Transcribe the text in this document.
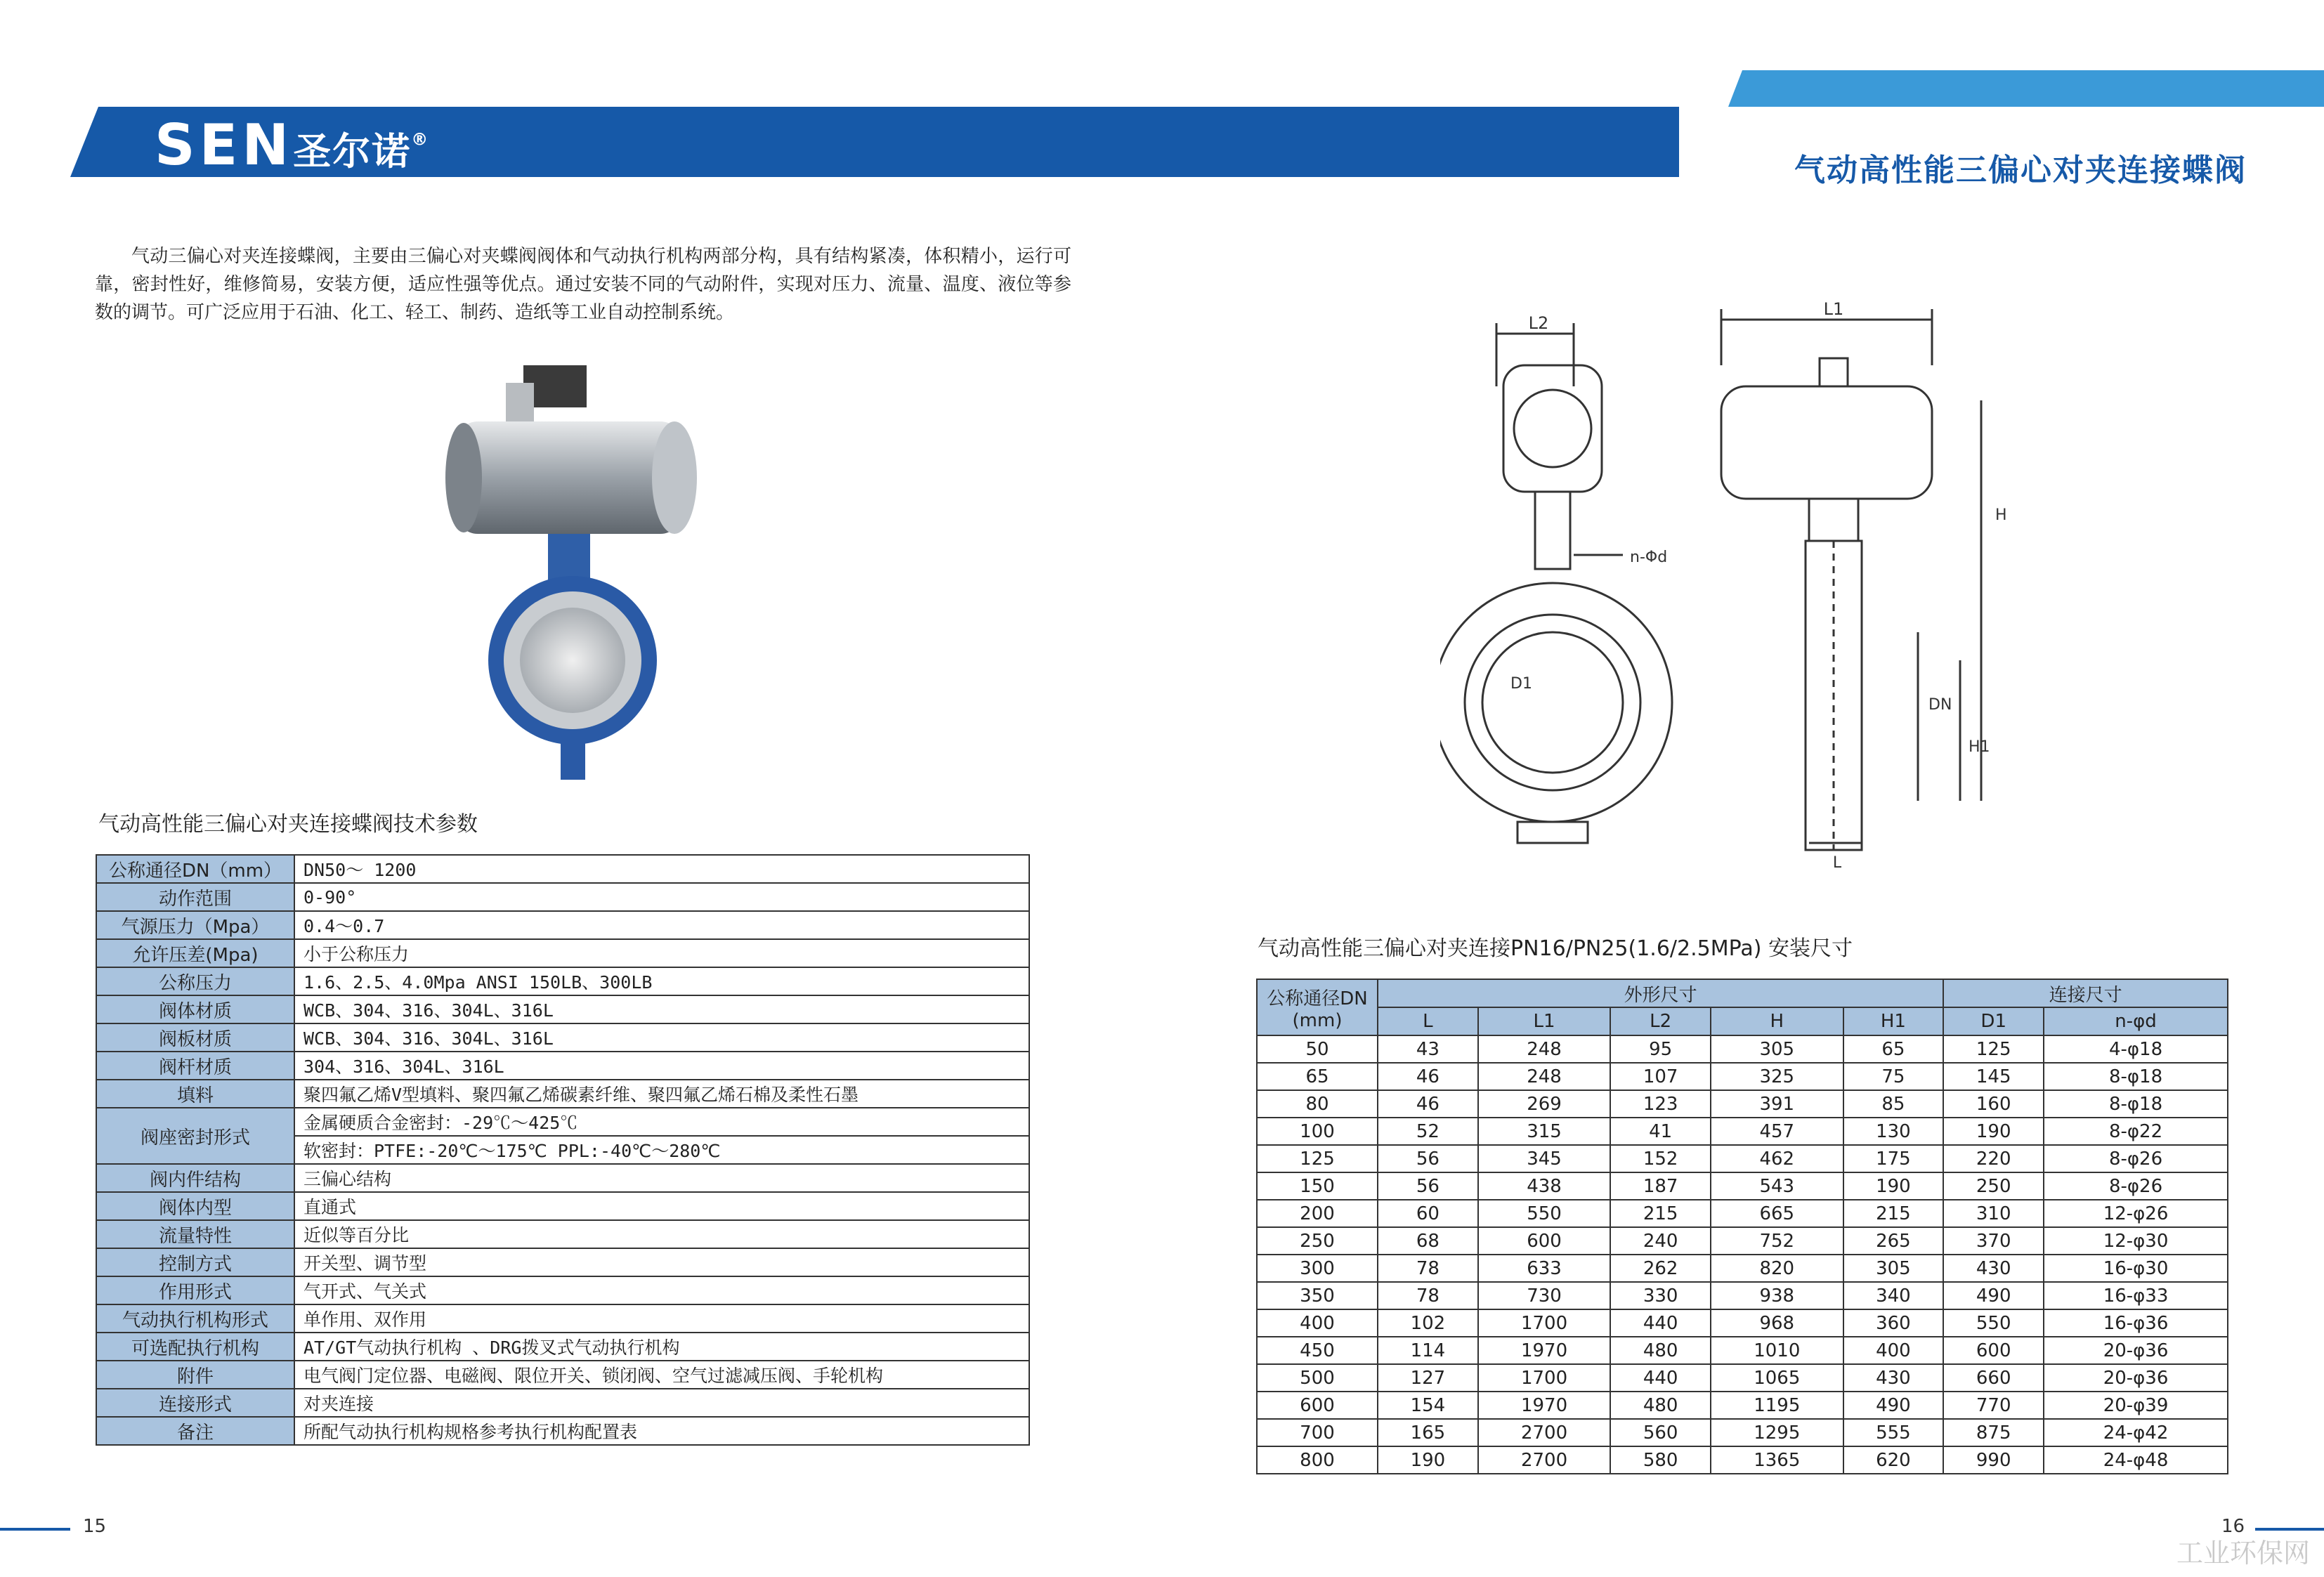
SEN圣尔诺®
气动高性能三偏心对夹连接蝶阀

气动三偏心对夹连接蝶阀，主要由三偏心对夹蝶阀阀体和气动执行机构两部分构，具有结构紧凑，体积精小，运行可靠，密封性好，维修简易，安装方便，适应性强等优点。通过安装不同的气动附件，实现对压力、流量、温度、液位等参数的调节。可广泛应用于石油、化工、轻工、制药、造纸等工业自动控制系统。	L2
n-Φd
D1
L1
L
H
DN
H1
气动高性能三偏心对夹连接蝶阀技术参数
公称通径DN（mm）	DN50～ 1200
动作范围	0-90°
气源压力（Mpa）	0.4～0.7
允许压差(Mpa)	小于公称压力
公称压力	1.6、2.5、4.0Mpa ANSI 150LB、300LB
阀体材质	WCB、304、316、304L、316L
阀板材质	WCB、304、316、304L、316L
阀杆材质	304、316、304L、316L
填料	聚四氟乙烯V型填料、聚四氟乙烯碳素纤维、聚四氟乙烯石棉及柔性石墨
阀座密封形式	金属硬质合金密封：-29℃～425℃
	软密封：PTFE:-20℃～175℃ PPL:-40℃～280℃
阀内件结构	三偏心结构
阀体内型	直通式
流量特性	近似等百分比
控制方式	开关型、调节型
作用形式	气开式、气关式
气动执行机构形式	单作用、双作用
可选配执行机构	AT/GT气动执行机构 、DRG拨叉式气动执行机构
附件	电气阀门定位器、电磁阀、限位开关、锁闭阀、空气过滤减压阀、手轮机构
连接形式	对夹连接
备注	所配气动执行机构规格参考执行机构配置表
气动高性能三偏心对夹连接PN16/PN25(1.6/2.5MPa) 安装尺寸
公称通径DN
(mm)	外形尺寸					连接尺寸	
	L	L1	L2	H	H1	D1	n-φd
50	43	248	95	305	65	125	4-φ18
65	46	248	107	325	75	145	8-φ18
80	46	269	123	391	85	160	8-φ18
100	52	315	41	457	130	190	8-φ22
125	56	345	152	462	175	220	8-φ26
150	56	438	187	543	190	250	8-φ26
200	60	550	215	665	215	310	12-φ26
250	68	600	240	752	265	370	12-φ30
300	78	633	262	820	305	430	16-φ30
350	78	730	330	938	340	490	16-φ33
400	102	1700	440	968	360	550	16-φ36
450	114	1970	480	1010	400	600	20-φ36
500	127	1700	440	1065	430	660	20-φ36
600	154	1970	480	1195	490	770	20-φ39
700	165	2700	560	1295	555	875	24-φ42
800	190	2700	580	1365	620	990	24-φ48
15	16
工业环保网
